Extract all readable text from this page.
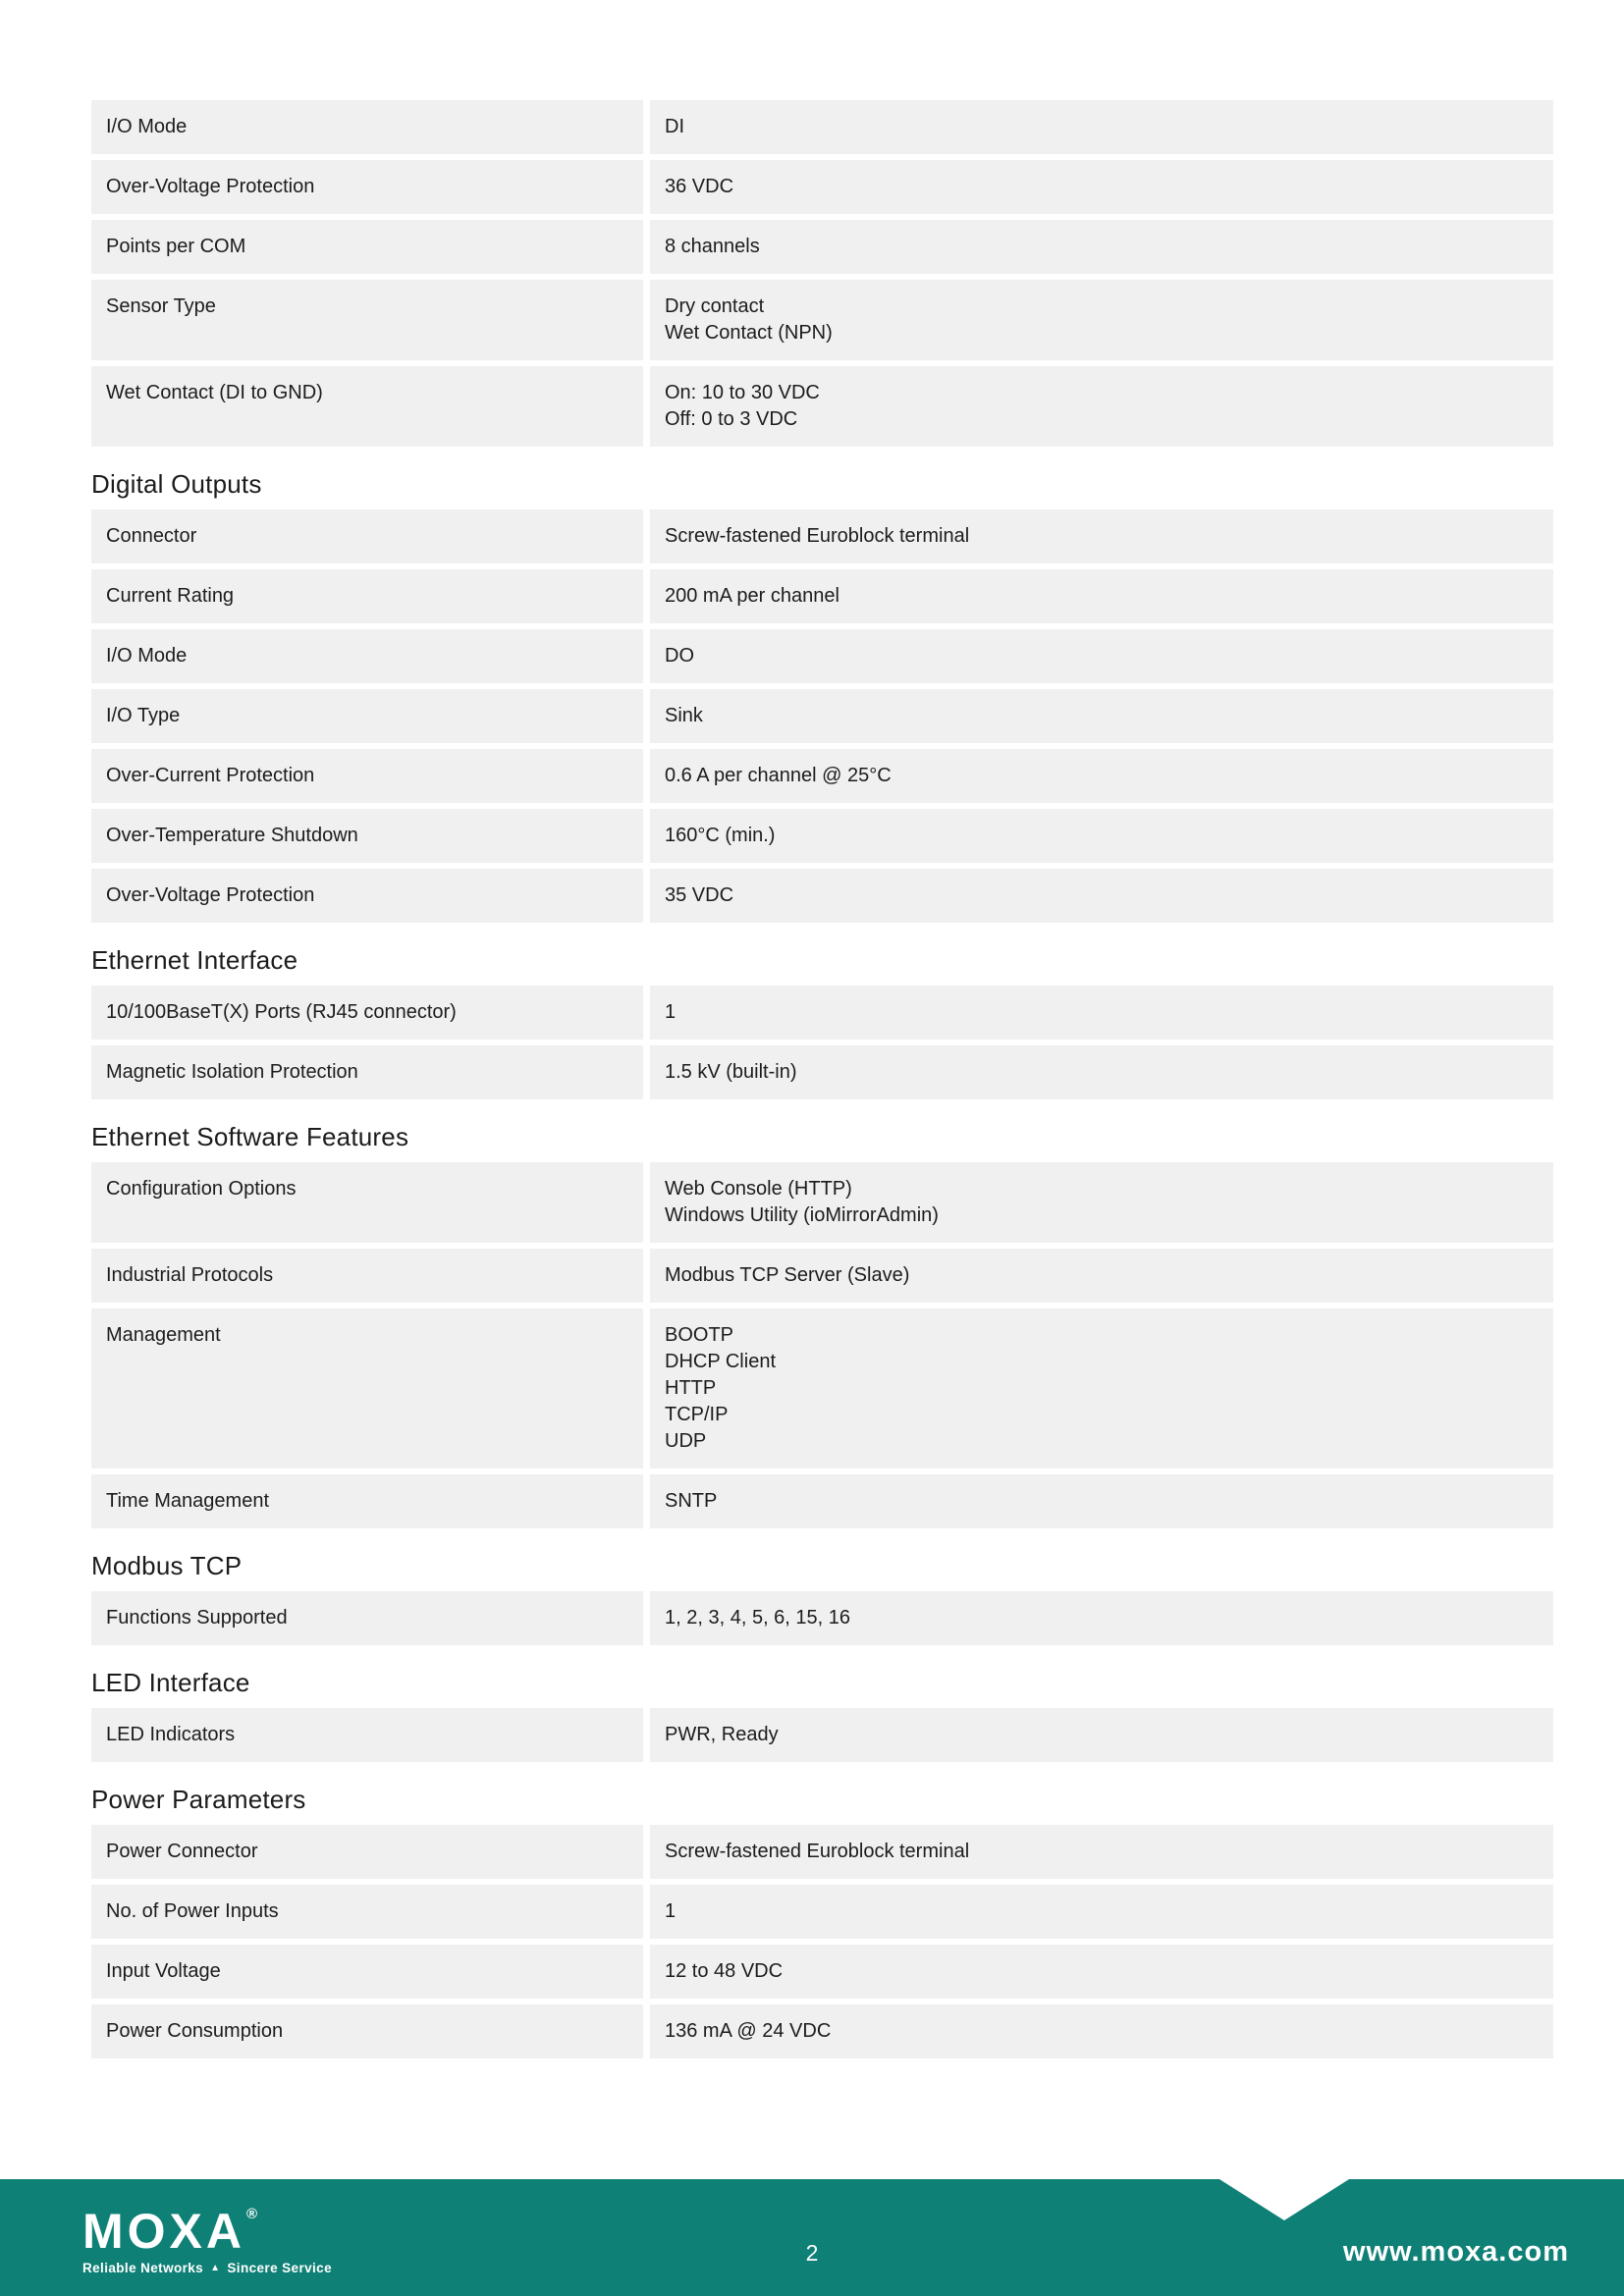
I/O Mode	DI
Over-Voltage Protection	36 VDC
Points per COM	8 channels
Sensor Type	Dry contact
Wet Contact (NPN)
Wet Contact (DI to GND)	On: 10 to 30 VDC
Off: 0 to 3 VDC
Digital Outputs
Connector	Screw-fastened Euroblock terminal
Current Rating	200 mA per channel
I/O Mode	DO
I/O Type	Sink
Over-Current Protection	0.6 A per channel @ 25°C
Over-Temperature Shutdown	160°C (min.)
Over-Voltage Protection	35 VDC
Ethernet Interface
10/100BaseT(X) Ports (RJ45 connector)	1
Magnetic Isolation Protection	1.5 kV (built-in)
Ethernet Software Features
Configuration Options	Web Console (HTTP)
Windows Utility (ioMirrorAdmin)
Industrial Protocols	Modbus TCP Server (Slave)
Management	BOOTP
DHCP Client
HTTP
TCP/IP
UDP
Time Management	SNTP
Modbus TCP
Functions Supported	1, 2, 3, 4, 5, 6, 15, 16
LED Interface
LED Indicators	PWR, Ready
Power Parameters
Power Connector	Screw-fastened Euroblock terminal
No. of Power Inputs	1
Input Voltage	12 to 48 VDC
Power Consumption	136 mA @ 24 VDC
MOXA®
Reliable Networks ▲ Sincere Service
2	www.moxa.com
